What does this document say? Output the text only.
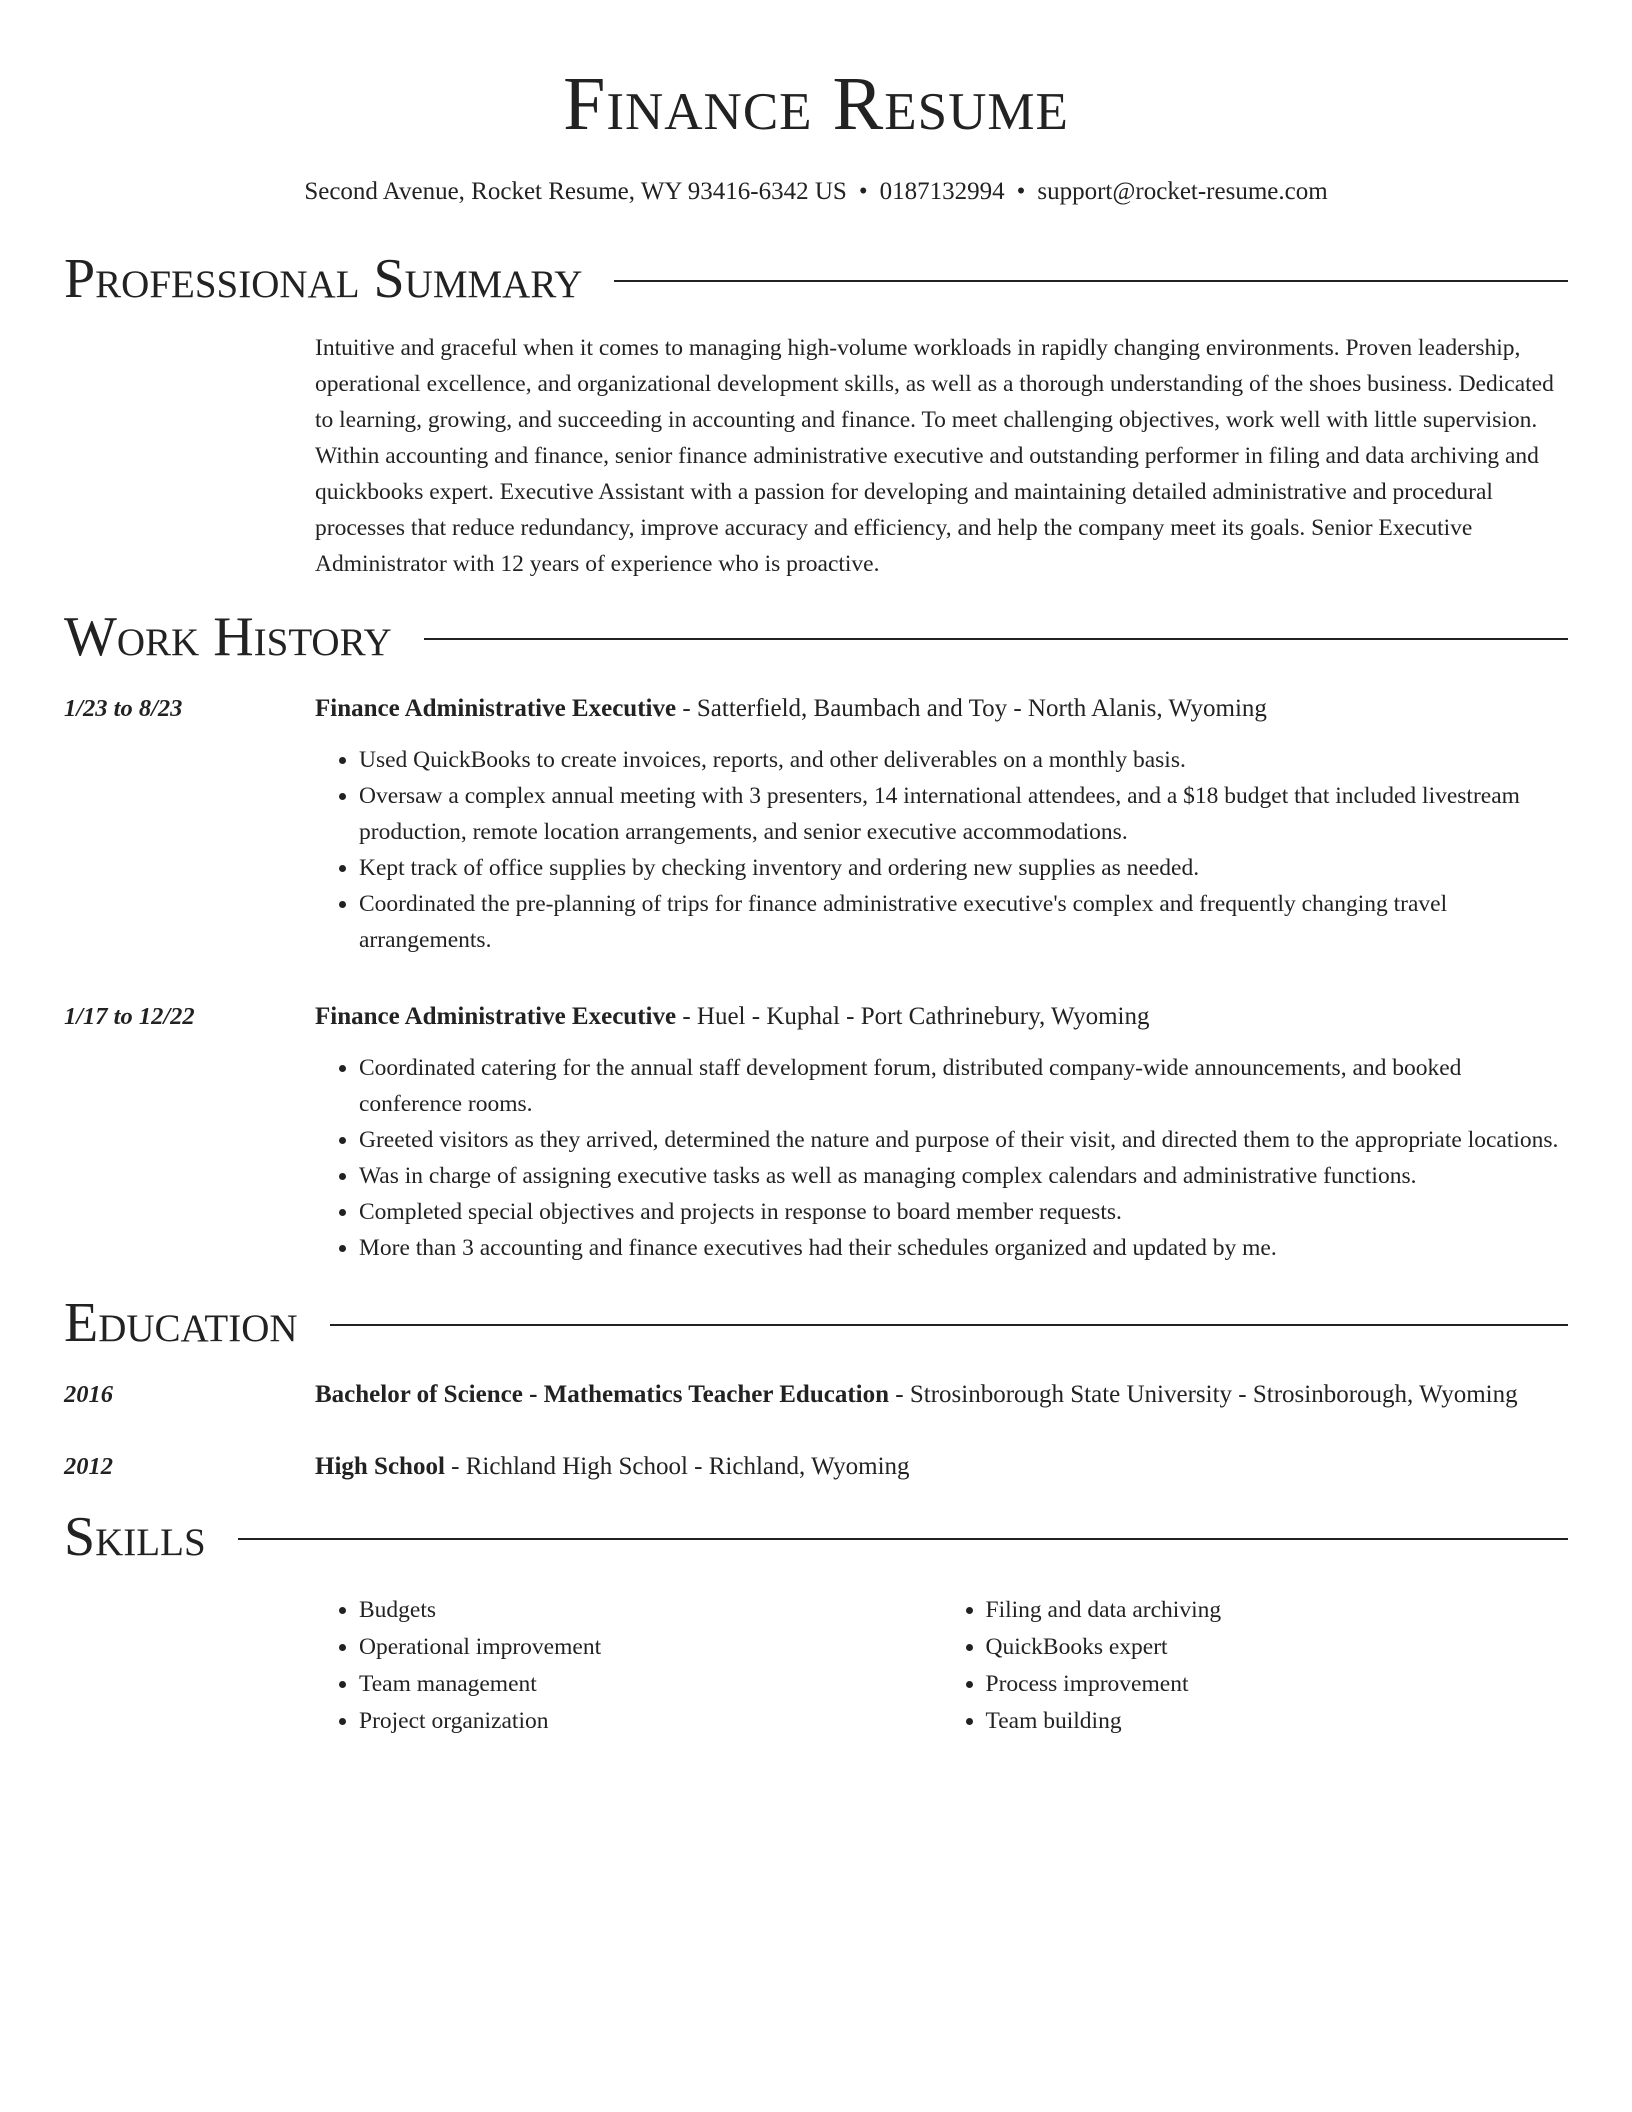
Finance Resume
Second Avenue, Rocket Resume, WY 93416-6342 US • 0187132994 • support@rocket-resume.com
Professional Summary
Intuitive and graceful when it comes to managing high-volume workloads in rapidly changing environments. Proven leadership, operational excellence, and organizational development skills, as well as a thorough understanding of the shoes business. Dedicated to learning, growing, and succeeding in accounting and finance. To meet challenging objectives, work well with little supervision. Within accounting and finance, senior finance administrative executive and outstanding performer in filing and data archiving and quickbooks expert. Executive Assistant with a passion for developing and maintaining detailed administrative and procedural processes that reduce redundancy, improve accuracy and efficiency, and help the company meet its goals. Senior Executive Administrator with 12 years of experience who is proactive.
Work History
1/23 to 8/23	Finance Administrative Executive - Satterfield, Baumbach and Toy - North Alanis, Wyoming
• Used QuickBooks to create invoices, reports, and other deliverables on a monthly basis.
• Oversaw a complex annual meeting with 3 presenters, 14 international attendees, and a $18 budget that included livestream production, remote location arrangements, and senior executive accommodations.
• Kept track of office supplies by checking inventory and ordering new supplies as needed.
• Coordinated the pre-planning of trips for finance administrative executive's complex and frequently changing travel arrangements.
1/17 to 12/22	Finance Administrative Executive - Huel - Kuphal - Port Cathrinebury, Wyoming
• Coordinated catering for the annual staff development forum, distributed company-wide announcements, and booked conference rooms.
• Greeted visitors as they arrived, determined the nature and purpose of their visit, and directed them to the appropriate locations.
• Was in charge of assigning executive tasks as well as managing complex calendars and administrative functions.
• Completed special objectives and projects in response to board member requests.
• More than 3 accounting and finance executives had their schedules organized and updated by me.
Education
2016	Bachelor of Science - Mathematics Teacher Education - Strosinborough State University - Strosinborough, Wyoming
2012	High School - Richland High School - Richland, Wyoming
Skills
• Budgets
• Operational improvement
• Team management
• Project organization
• Filing and data archiving
• QuickBooks expert
• Process improvement
• Team building
